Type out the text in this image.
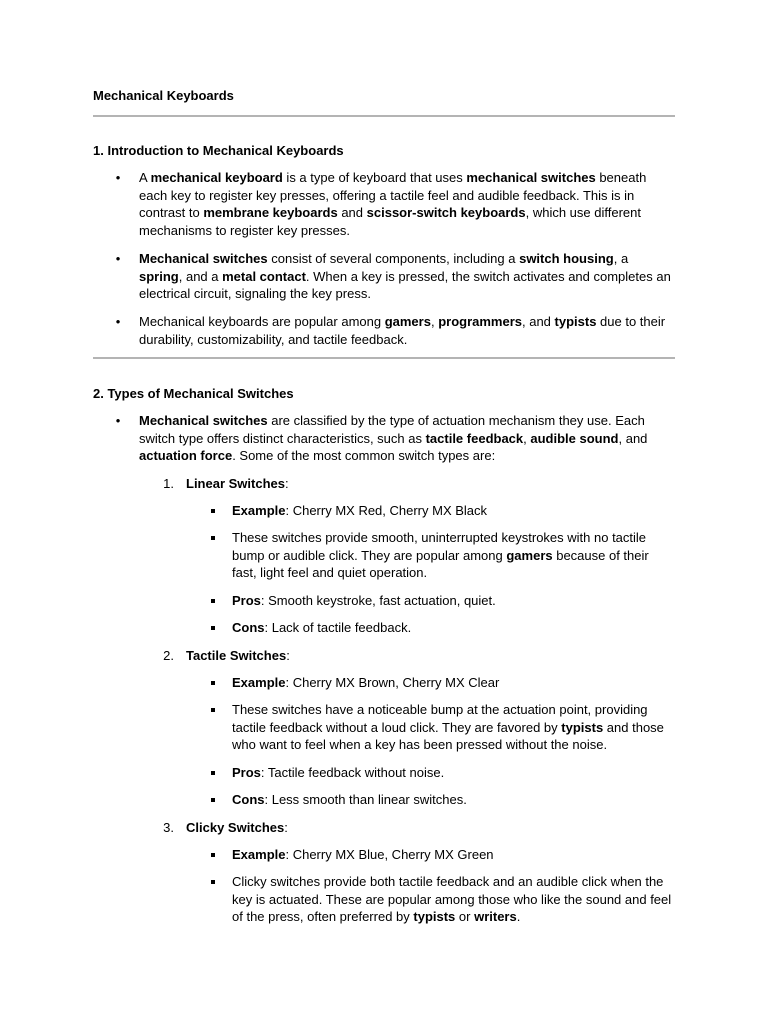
Mechanical Keyboards
1. Introduction to Mechanical Keyboards
• A mechanical keyboard is a type of keyboard that uses mechanical switches beneath each key to register key presses, offering a tactile feel and audible feedback. This is in contrast to membrane keyboards and scissor-switch keyboards, which use different mechanisms to register key presses.
• Mechanical switches consist of several components, including a switch housing, a spring, and a metal contact. When a key is pressed, the switch activates and completes an electrical circuit, signaling the key press.
• Mechanical keyboards are popular among gamers, programmers, and typists due to their durability, customizability, and tactile feedback.
2. Types of Mechanical Switches
• Mechanical switches are classified by the type of actuation mechanism they use. Each switch type offers distinct characteristics, such as tactile feedback, audible sound, and actuation force. Some of the most common switch types are:
1. Linear Switches:
Example: Cherry MX Red, Cherry MX Black
These switches provide smooth, uninterrupted keystrokes with no tactile bump or audible click. They are popular among gamers because of their fast, light feel and quiet operation.
Pros: Smooth keystroke, fast actuation, quiet.
Cons: Lack of tactile feedback.
2. Tactile Switches:
Example: Cherry MX Brown, Cherry MX Clear
These switches have a noticeable bump at the actuation point, providing tactile feedback without a loud click. They are favored by typists and those who want to feel when a key has been pressed without the noise.
Pros: Tactile feedback without noise.
Cons: Less smooth than linear switches.
3. Clicky Switches:
Example: Cherry MX Blue, Cherry MX Green
Clicky switches provide both tactile feedback and an audible click when the key is actuated. These are popular among those who like the sound and feel of the press, often preferred by typists or writers.
